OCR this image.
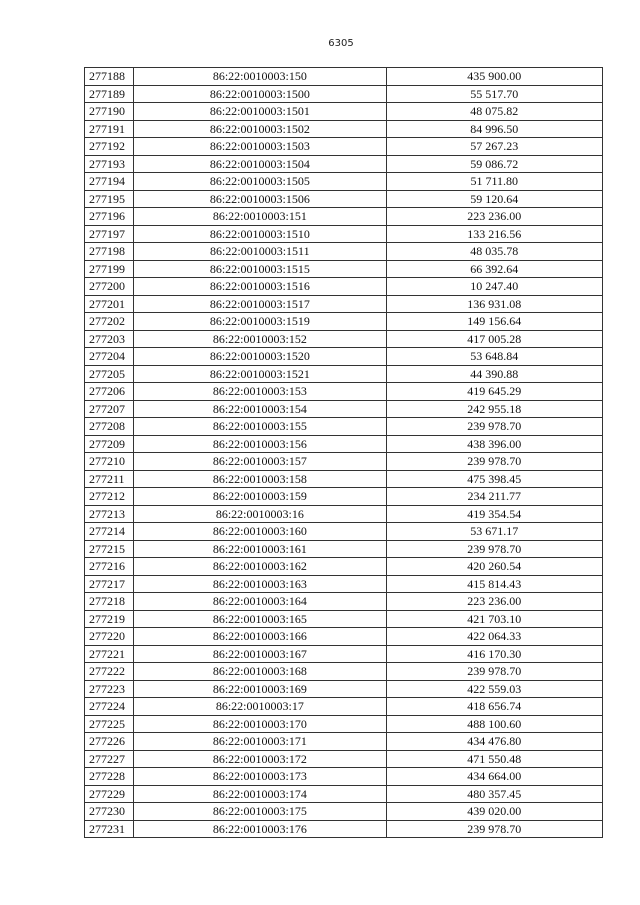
6305
277188	86:22:0010003:150	435 900.00
277189	86:22:0010003:1500	55 517.70
277190	86:22:0010003:1501	48 075.82
277191	86:22:0010003:1502	84 996.50
277192	86:22:0010003:1503	57 267.23
277193	86:22:0010003:1504	59 086.72
277194	86:22:0010003:1505	51 711.80
277195	86:22:0010003:1506	59 120.64
277196	86:22:0010003:151	223 236.00
277197	86:22:0010003:1510	133 216.56
277198	86:22:0010003:1511	48 035.78
277199	86:22:0010003:1515	66 392.64
277200	86:22:0010003:1516	10 247.40
277201	86:22:0010003:1517	136 931.08
277202	86:22:0010003:1519	149 156.64
277203	86:22:0010003:152	417 005.28
277204	86:22:0010003:1520	53 648.84
277205	86:22:0010003:1521	44 390.88
277206	86:22:0010003:153	419 645.29
277207	86:22:0010003:154	242 955.18
277208	86:22:0010003:155	239 978.70
277209	86:22:0010003:156	438 396.00
277210	86:22:0010003:157	239 978.70
277211	86:22:0010003:158	475 398.45
277212	86:22:0010003:159	234 211.77
277213	86:22:0010003:16	419 354.54
277214	86:22:0010003:160	53 671.17
277215	86:22:0010003:161	239 978.70
277216	86:22:0010003:162	420 260.54
277217	86:22:0010003:163	415 814.43
277218	86:22:0010003:164	223 236.00
277219	86:22:0010003:165	421 703.10
277220	86:22:0010003:166	422 064.33
277221	86:22:0010003:167	416 170.30
277222	86:22:0010003:168	239 978.70
277223	86:22:0010003:169	422 559.03
277224	86:22:0010003:17	418 656.74
277225	86:22:0010003:170	488 100.60
277226	86:22:0010003:171	434 476.80
277227	86:22:0010003:172	471 550.48
277228	86:22:0010003:173	434 664.00
277229	86:22:0010003:174	480 357.45
277230	86:22:0010003:175	439 020.00
277231	86:22:0010003:176	239 978.70
